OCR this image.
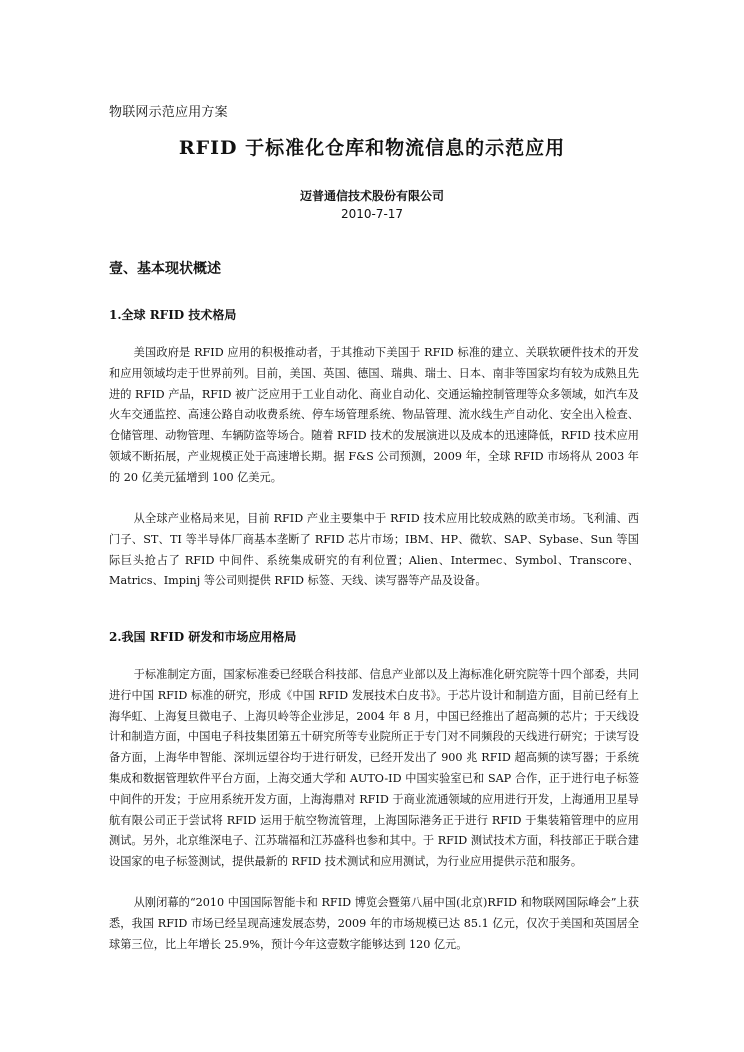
物联网示范应用方案
RFID 于标准化仓库和物流信息的示范应用
迈普通信技术股份有限公司
2010-7-17
壹、基本现状概述
1.全球 RFID 技术格局

美国政府是 RFID 应用的积极推动者，于其推动下美国于 RFID 标准的建立、关联软硬件技术的开发和应用领域均走于世界前列。目前，美国、英国、德国、瑞典、瑞士、日本、南非等国家均有较为成熟且先进的 RFID 产品，RFID 被广泛应用于工业自动化、商业自动化、交通运输控制管理等众多领域，如汽车及火车交通监控、高速公路自动收费系统、停车场管理系统、物品管理、流水线生产自动化、安全出入检查、仓储管理、动物管理、车辆防盗等场合。随着 RFID 技术的发展演进以及成本的迅速降低，RFID 技术应用领域不断拓展，产业规模正处于高速增长期。据 F&S 公司预测，2009 年，全球 RFID 市场将从 2003 年的 20 亿美元猛增到 100 亿美元。

从全球产业格局来见，目前 RFID 产业主要集中于 RFID 技术应用比较成熟的欧美市场。飞利浦、西门子、ST、TI 等半导体厂商基本垄断了 RFID 芯片市场；IBM、HP、微软、SAP、Sybase、Sun 等国际巨头抢占了 RFID 中间件、系统集成研究的有利位置；Alien、Intermec、Symbol、Transcore、Matrics、Impinj 等公司则提供 RFID 标签、天线、读写器等产品及设备。

2.我国 RFID 研发和市场应用格局

于标准制定方面，国家标准委已经联合科技部、信息产业部以及上海标准化研究院等十四个部委，共同进行中国 RFID 标准的研究，形成《中国 RFID 发展技术白皮书》。于芯片设计和制造方面，目前已经有上海华虹、上海复旦微电子、上海贝岭等企业涉足，2004 年 8 月，中国已经推出了超高频的芯片；于天线设计和制造方面，中国电子科技集团第五十研究所等专业院所正于专门对不同频段的天线进行研究；于读写设备方面，上海华申智能、深圳远望谷均于进行研发，已经开发出了 900 兆 RFID 超高频的读写器；于系统集成和数据管理软件平台方面，上海交通大学和 AUTO-ID 中国实验室已和 SAP 合作，正于进行电子标签中间件的开发；于应用系统开发方面，上海海鼎对 RFID 于商业流通领域的应用进行开发，上海通用卫星导航有限公司正于尝试将 RFID 运用于航空物流管理，上海国际港务正于进行 RFID 于集装箱管理中的应用测试。另外，北京维深电子、江苏瑞福和江苏盛科也参和其中。于 RFID 测试技术方面，科技部正于联合建设国家的电子标签测试，提供最新的 RFID 技术测试和应用测试，为行业应用提供示范和服务。

从刚闭幕的“2010 中国国际智能卡和 RFID 博览会暨第八届中国(北京)RFID 和物联网国际峰会”上获悉，我国 RFID 市场已经呈现高速发展态势，2009 年的市场规模已达 85.1 亿元，仅次于美国和英国居全球第三位，比上年增长 25.9%，预计今年这壹数字能够达到 120 亿元。
